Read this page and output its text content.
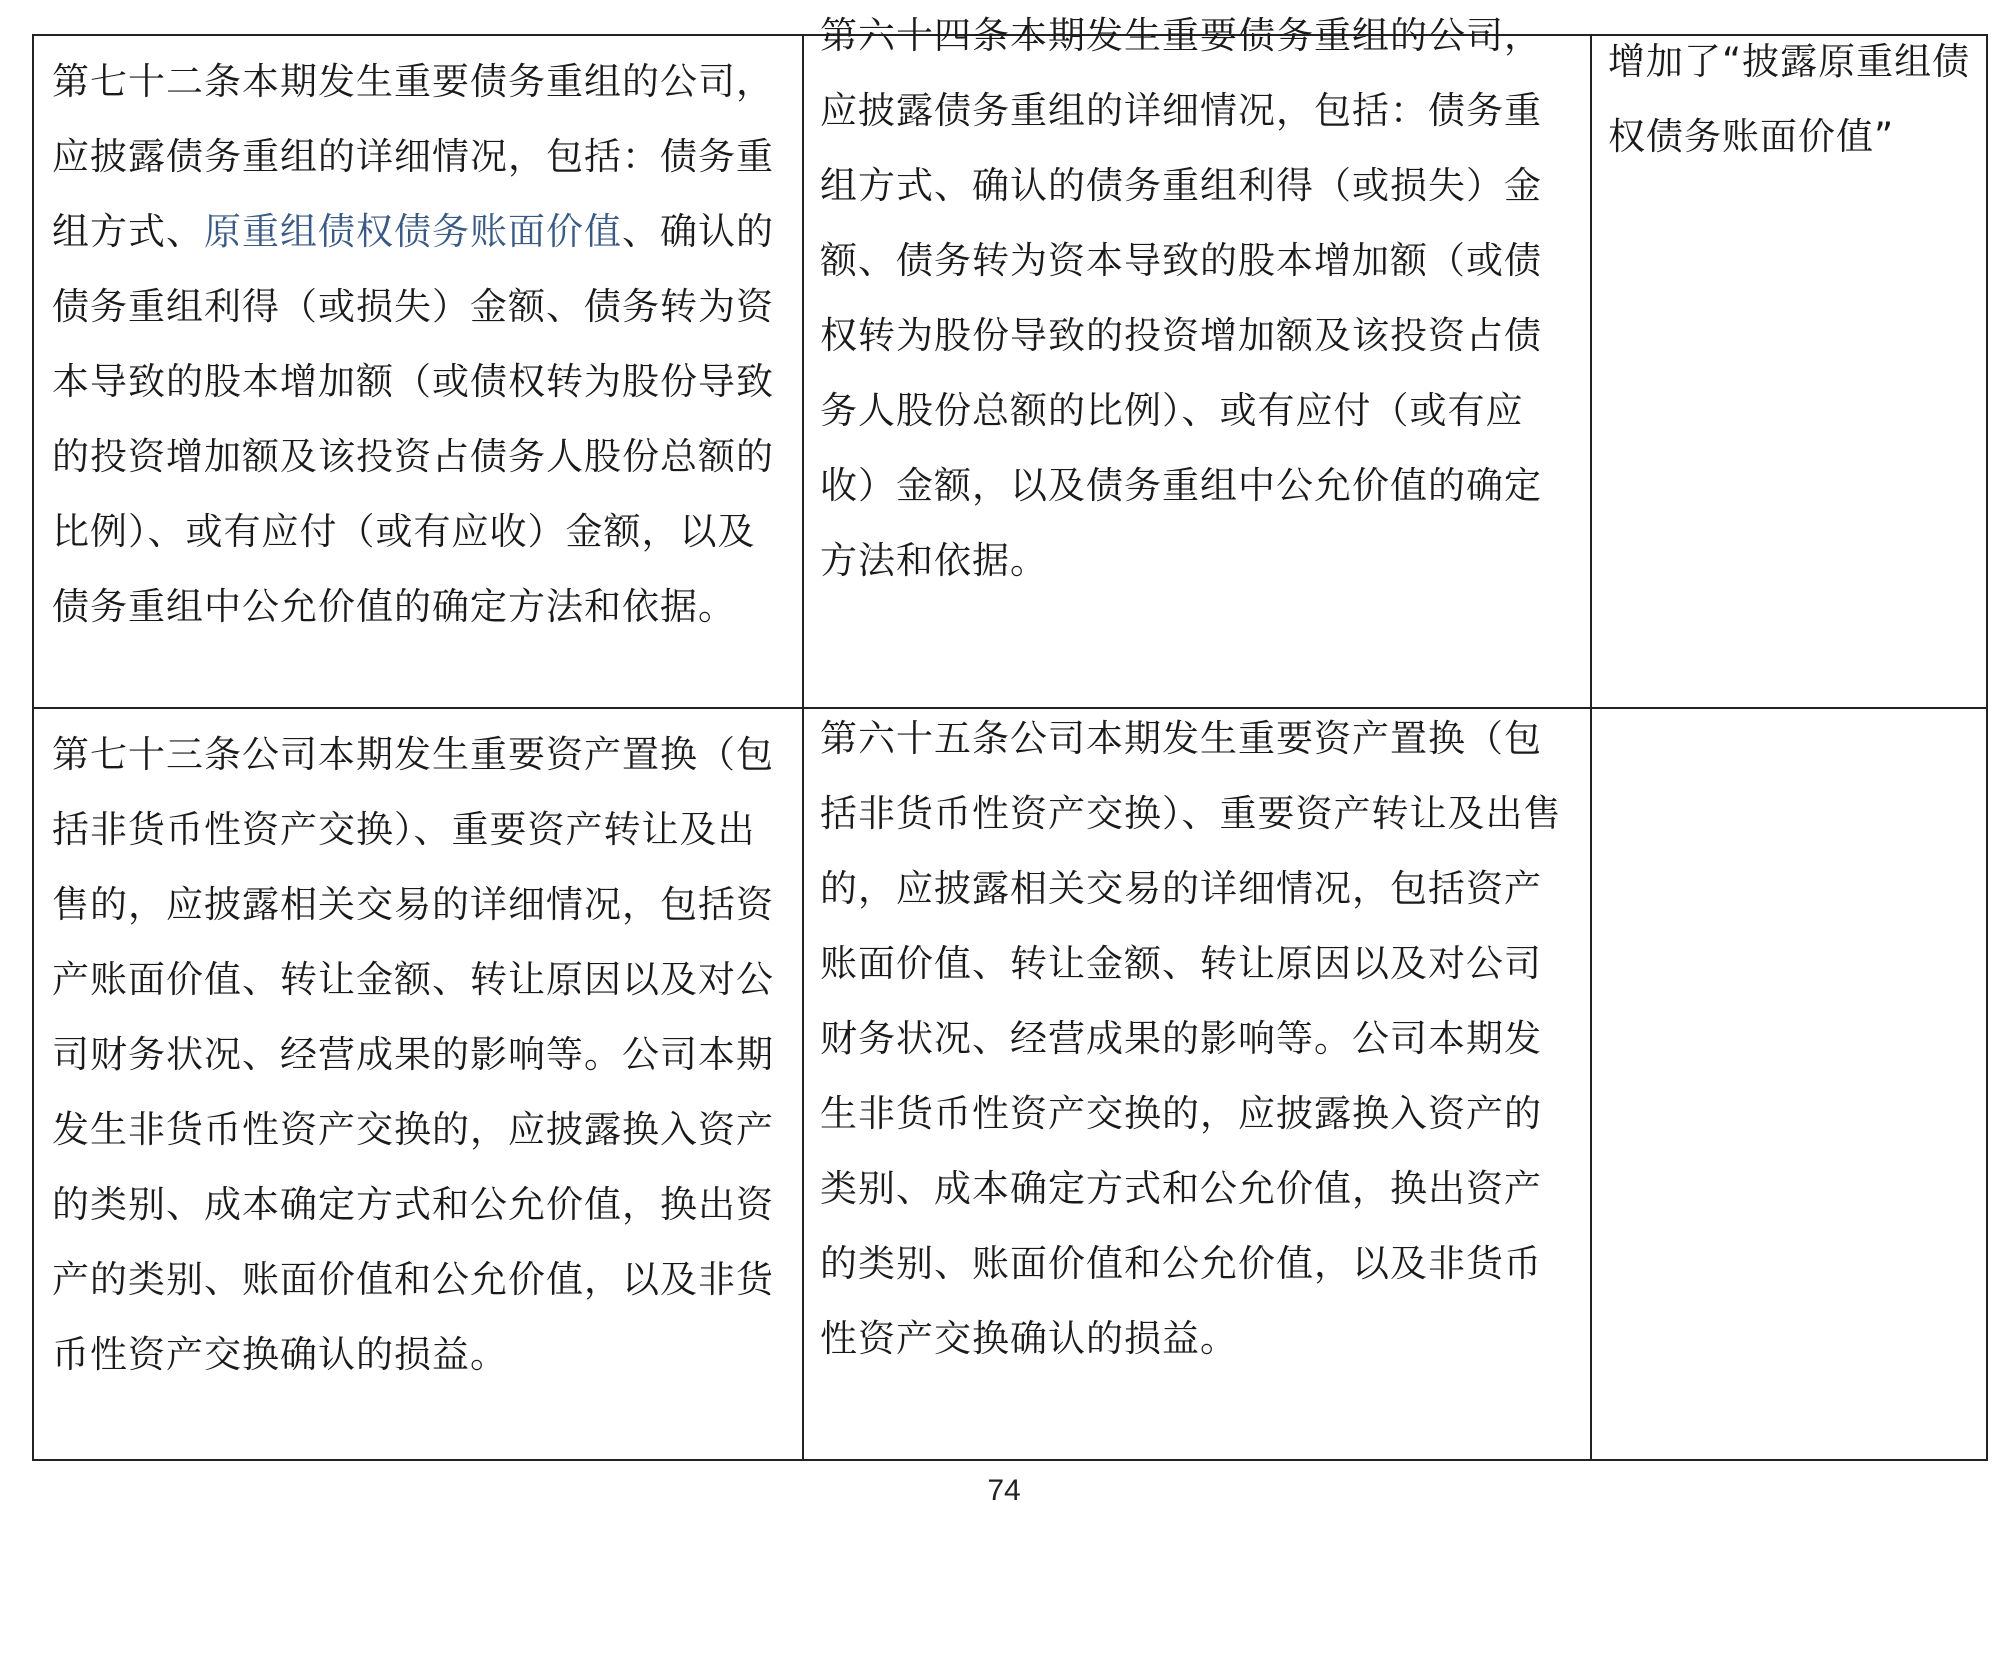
第七十二条本期发生重要债务重组的公司，应披露债务重组的详细情况，包括：债务重组方式、原重组债权债务账面价值、确认的债务重组利得（或损失）金额、债务转为资本导致的股本增加额（或债权转为股份导致的投资增加额及该投资占债务人股份总额的比例）、或有应付（或有应收）金额，以及债务重组中公允价值的确定方法和依据。	第六十四条本期发生重要债务重组的公司，应披露债务重组的详细情况，包括：债务重组方式、确认的债务重组利得（或损失）金额、债务转为资本导致的股本增加额（或债权转为股份导致的投资增加额及该投资占债务人股份总额的比例）、或有应付（或有应收）金额，以及债务重组中公允价值的确定方法和依据。	增加了“披露原重组债权债务账面价值”

第七十三条公司本期发生重要资产置换（包括非货币性资产交换）、重要资产转让及出售的，应披露相关交易的详细情况，包括资产账面价值、转让金额、转让原因以及对公司财务状况、经营成果的影响等。公司本期发生非货币性资产交换的，应披露换入资产的类别、成本确定方式和公允价值，换出资产的类别、账面价值和公允价值，以及非货币性资产交换确认的损益。	第六十五条公司本期发生重要资产置换（包括非货币性资产交换）、重要资产转让及出售的，应披露相关交易的详细情况，包括资产账面价值、转让金额、转让原因以及对公司财务状况、经营成果的影响等。公司本期发生非货币性资产交换的，应披露换入资产的类别、成本确定方式和公允价值，换出资产的类别、账面价值和公允价值，以及非货币性资产交换确认的损益。	

74
